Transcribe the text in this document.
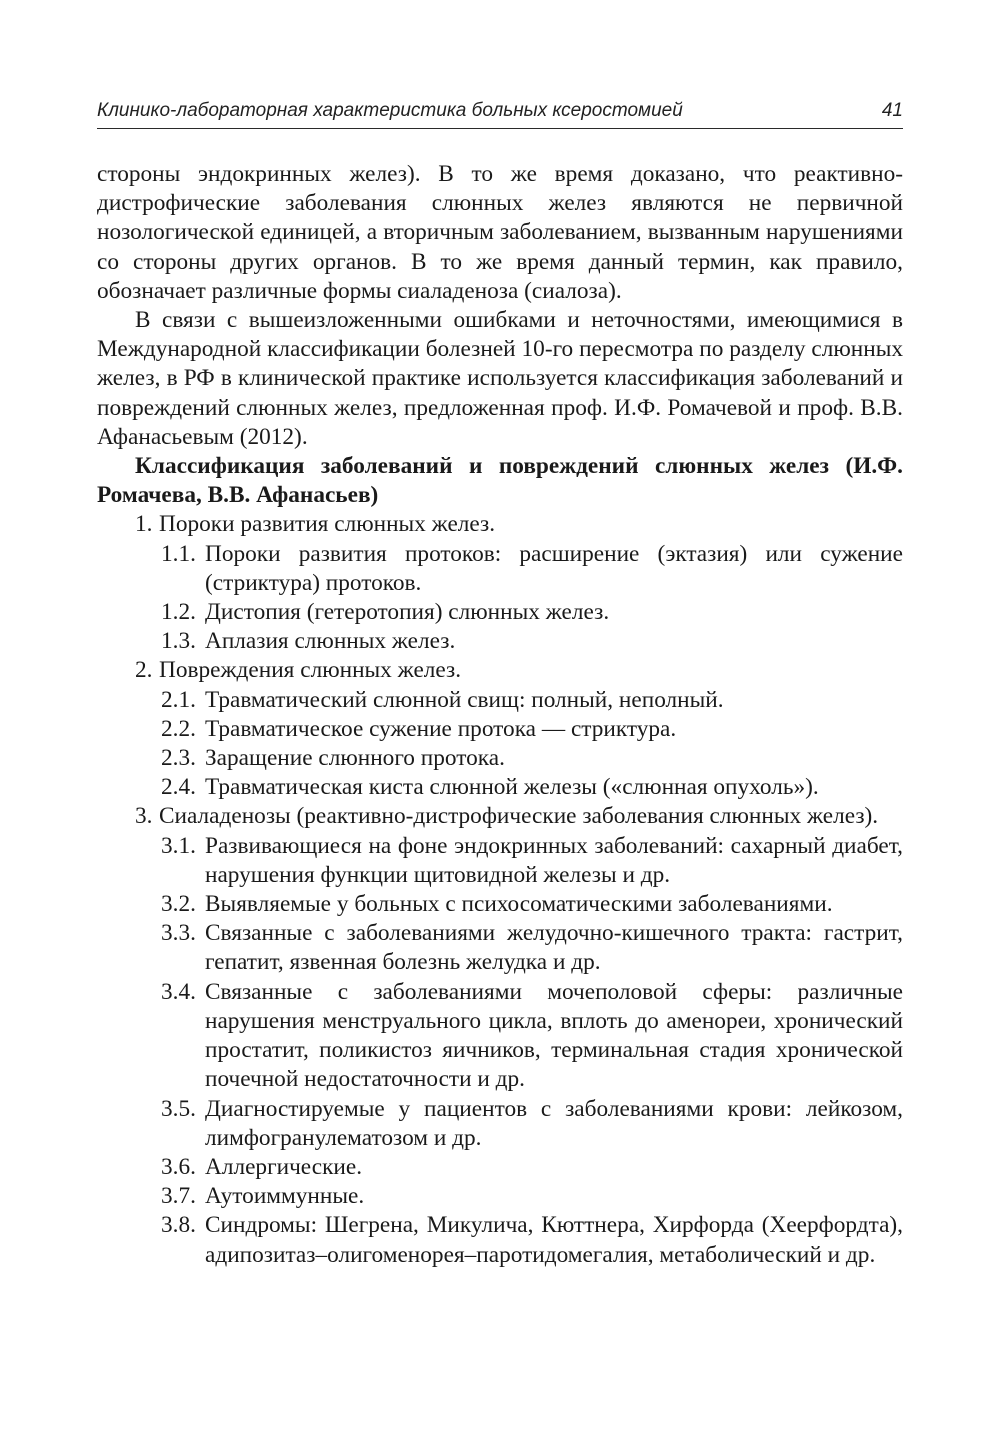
Клинико-лабораторная характеристика больных ксеростомией	41

стороны эндокринных желез). В то же время доказано, что реактивно-дистрофические заболевания слюнных желез являются не первичной нозологической единицей, а вторичным заболеванием, вызванным нарушениями со стороны других органов. В то же время данный термин, как правило, обозначает различные формы сиаладеноза (сиалоза).

В связи с вышеизложенными ошибками и неточностями, имеющимися в Международной классификации болезней 10-го пересмотра по разделу слюнных желез, в РФ в клинической практике используется классификация заболеваний и повреждений слюнных желез, предложенная проф. И.Ф. Ромачевой и проф. В.В. Афанасьевым (2012).

Классификация заболеваний и повреждений слюнных желез (И.Ф. Ромачева, В.В. Афанасьев)

1. Пороки развития слюнных желез.
1.1. Пороки развития протоков: расширение (эктазия) или сужение (стриктура) протоков.
1.2. Дистопия (гетеротопия) слюнных желез.
1.3. Аплазия слюнных желез.
2. Повреждения слюнных желез.
2.1. Травматический слюнной свищ: полный, неполный.
2.2. Травматическое сужение протока — стриктура.
2.3. Заращение слюнного протока.
2.4. Травматическая киста слюнной железы («слюнная опухоль»).
3. Сиаладенозы (реактивно-дистрофические заболевания слюнных желез).
3.1. Развивающиеся на фоне эндокринных заболеваний: сахарный диабет, нарушения функции щитовидной железы и др.
3.2. Выявляемые у больных с психосоматическими заболеваниями.
3.3. Связанные с заболеваниями желудочно-кишечного тракта: гастрит, гепатит, язвенная болезнь желудка и др.
3.4. Связанные с заболеваниями мочеполовой сферы: различные нарушения менструального цикла, вплоть до аменореи, хронический простатит, поликистоз яичников, терминальная стадия хронической почечной недостаточности и др.
3.5. Диагностируемые у пациентов с заболеваниями крови: лейкозом, лимфогранулематозом и др.
3.6. Аллергические.
3.7. Аутоиммунные.
3.8. Синдромы: Шегрена, Микулича, Кюттнера, Хирфорда (Хеерфордта), адипозитаз–олигоменорея–паротидомегалия, метаболический и др.
